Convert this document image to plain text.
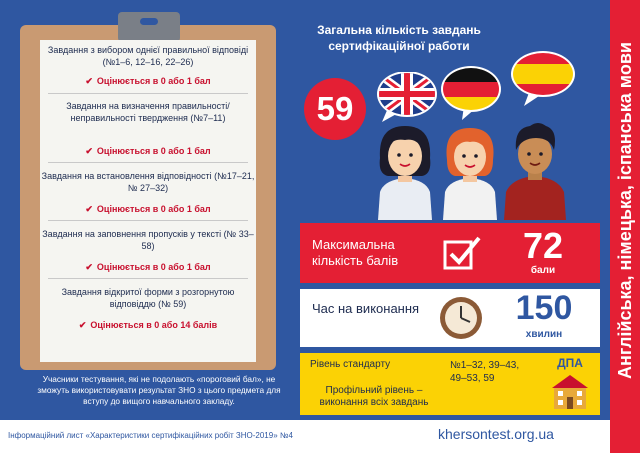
Англійська, німецька, іспанська мови
Завдання з вибором однієї правильної відповіді (№1–6, 12–16, 22–26)
✔ Оцінюється в 0 або 1 бал
Завдання на визначення правильності/неправильності твердження (№7–11)
✔ Оцінюється в 0 або 1 бал
Завдання на встановлення відповідності (№17–21, № 27–32)
✔ Оцінюється в 0 або 1 бал
Завдання на заповнення пропусків у тексті (№ 33–58)
✔ Оцінюється в 0 або 1 бал
Завдання відкритої форми з розгорнутою відповіддю (№ 59)
✔ Оцінюється в 0 або 14 балів
Загальна кількість завдань сертифікаційної работи
59
Максимальна кількість балів	72
бали
Час на виконання	150
хвилин
Рівень стандарту	№1–32, 39–43, 49–53, 59
Профільний рівень – виконання всіх завдань
ДПА
Учасники тестування, які не подолають «пороговий бал», не зможуть використовувати результат ЗНО з цього предмета для вступу до вищого навчального закладу.
Інформаційний лист «Характеристики сертифікаційних робіт ЗНО-2019» №4	khersontest.org.ua
